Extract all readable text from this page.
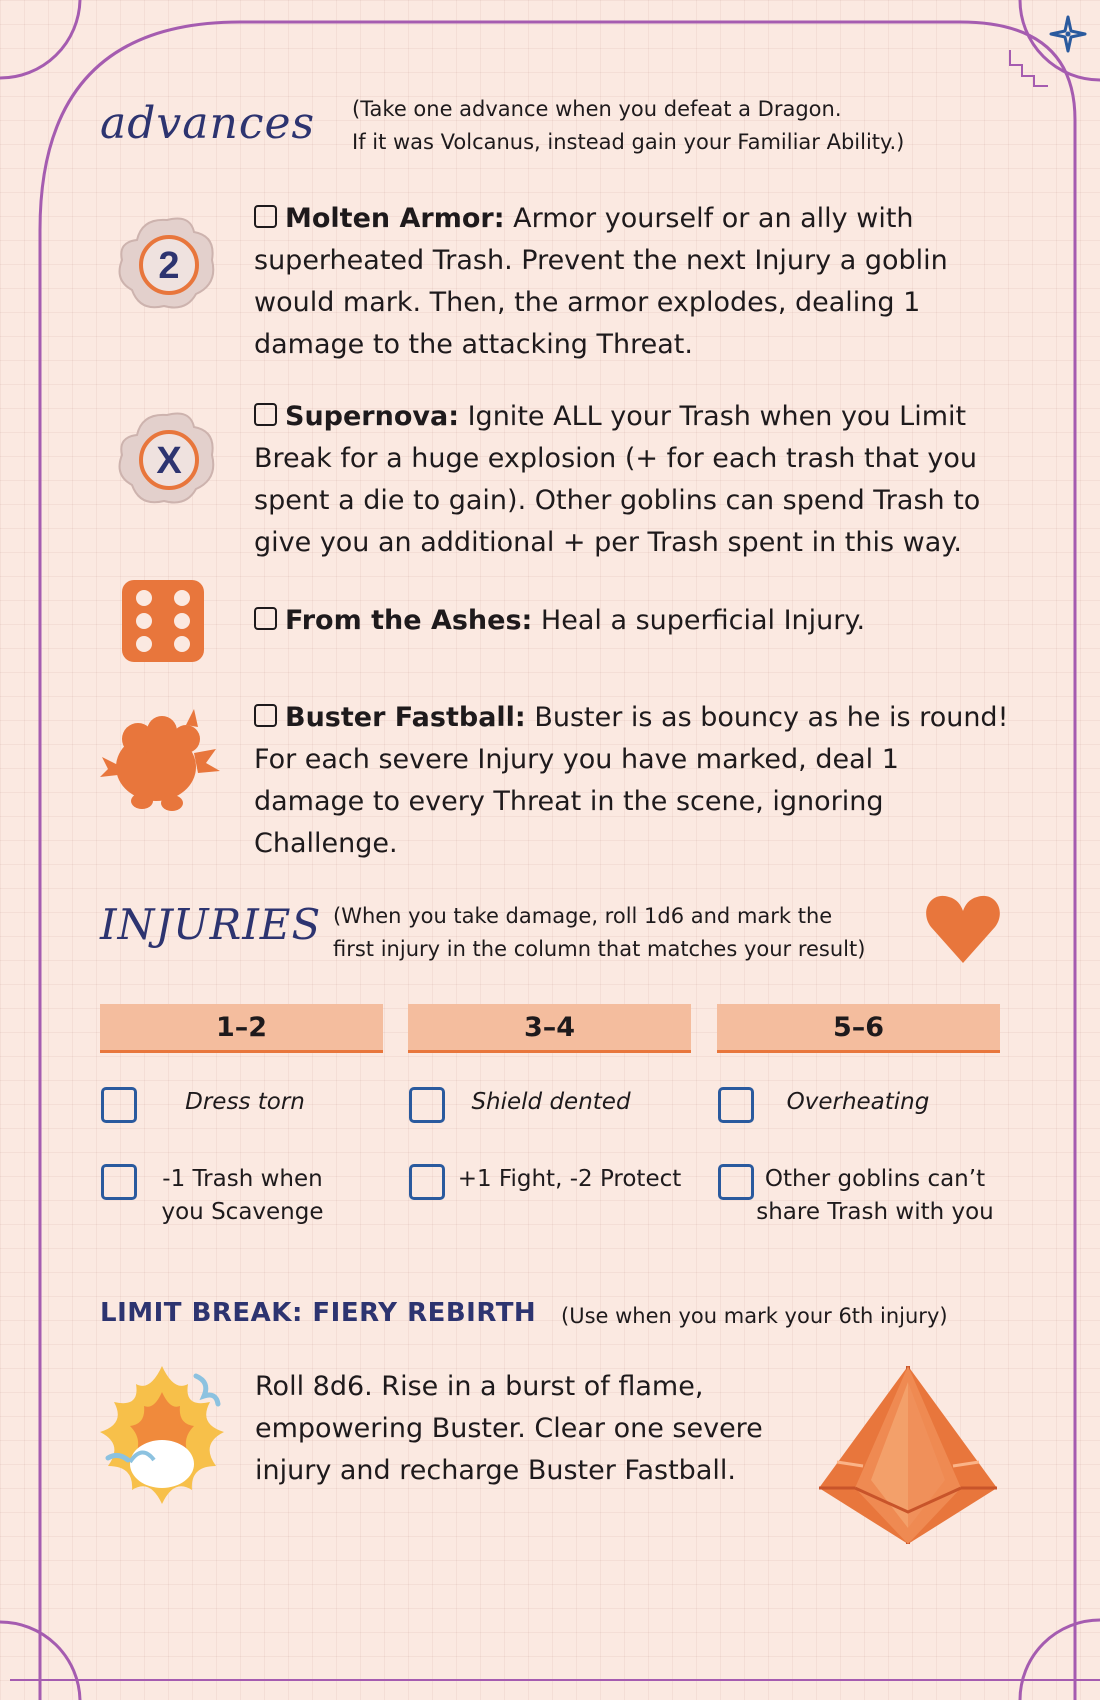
advances (Take one advance when you defeat a Dragon.
If it was Volcanus, instead gain your Familiar Ability.)
2
Molten Armor: Armor yourself or an ally with superheated Trash. Prevent the next Injury a goblin would mark. Then, the armor explodes, dealing 1 damage to the attacking Threat.
X
Supernova: Ignite ALL your Trash when you Limit Break for a huge explosion (+ for each trash that you spent a die to gain). Other goblins can spend Trash to give you an additional + per Trash spent in this way.
From the Ashes: Heal a superficial Injury.
Buster Fastball: Buster is as bouncy as he is round! For each severe Injury you have marked, deal 1 damage to every Threat in the scene, ignoring Challenge.
INJURIES (When you take damage, roll 1d6 and mark the
first injury in the column that matches your result)
1–2
Dress torn
-1 Trash when
you Scavenge
3–4
Shield dented
+1 Fight, -2 Protect
5–6
Overheating
Other goblins can’t
share Trash with you
LIMIT BREAK: FIERY REBIRTH (Use when you mark your 6th injury)
Roll 8d6. Rise in a burst of flame, empowering Buster. Clear one severe injury and recharge Buster Fastball.
